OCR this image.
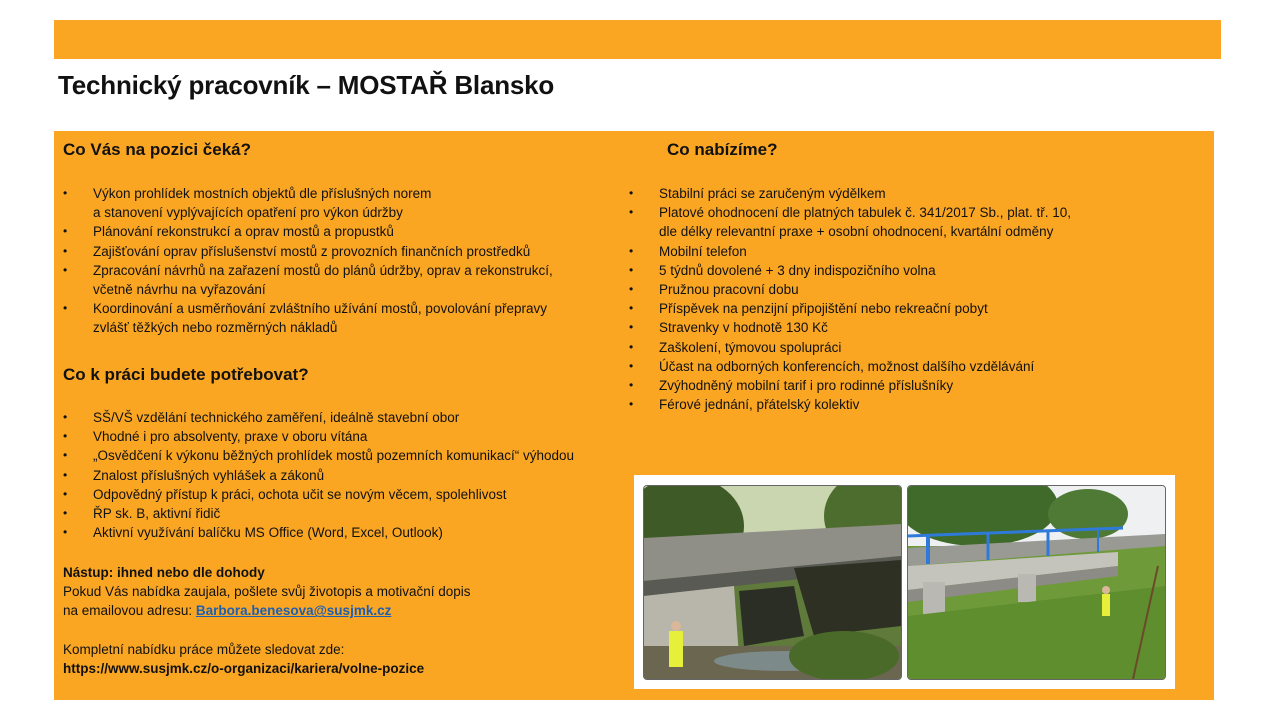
Technický pracovník – MOSTAŘ Blansko
Co Vás na pozici čeká?
•	Výkon prohlídek mostních objektů dle příslušných norem
a stanovení vyplývajících opatření pro výkon údržby
•	Plánování rekonstrukcí a oprav mostů a propustků
•	Zajišťování oprav příslušenství mostů z provozních finančních prostředků
•	Zpracování návrhů na zařazení mostů do plánů údržby, oprav a rekonstrukcí,
včetně návrhu na vyřazování
•	Koordinování a usměrňování zvláštního užívání mostů, povolování přepravy
zvlášť těžkých nebo rozměrných nákladů
Co k práci budete potřebovat?
•	SŠ/VŠ vzdělání technického zaměření, ideálně stavební obor
•	Vhodné i pro absolventy, praxe v oboru vítána
•	„Osvědčení k výkonu běžných prohlídek mostů pozemních komunikací“ výhodou
•	Znalost příslušných vyhlášek a zákonů
•	Odpovědný přístup k práci, ochota učit se novým věcem, spolehlivost
•	ŘP sk. B, aktivní řidič
•	Aktivní využívání balíčku MS Office (Word, Excel, Outlook)

Nástup: ihned nebo dle dohody

Pokud Vás nabídka zaujala, pošlete svůj životopis a motivační dopis

na emailovou adresu: Barbora.benesova@susjmk.cz

Kompletní nabídku práce můžete sledovat zde:

https://www.susjmk.cz/o-organizaci/kariera/volne-pozice

Co nabízíme?
•	Stabilní práci se zaručeným výdělkem
•	Platové ohodnocení dle platných tabulek č. 341/2017 Sb., plat. tř. 10,
dle délky relevantní praxe + osobní ohodnocení, kvartální odměny
•	Mobilní telefon
•	5 týdnů dovolené + 3 dny indispozičního volna
•	Pružnou pracovní dobu
•	Příspěvek na penzijní připojištění nebo rekreační pobyt
•	Stravenky v hodnotě 130 Kč
•	Zaškolení, týmovou spolupráci
•	Účast na odborných konferencích, možnost dalšího vzdělávání
•	Zvýhodněný mobilní tarif i pro rodinné příslušníky
•	Férové jednání, přátelský kolektiv
